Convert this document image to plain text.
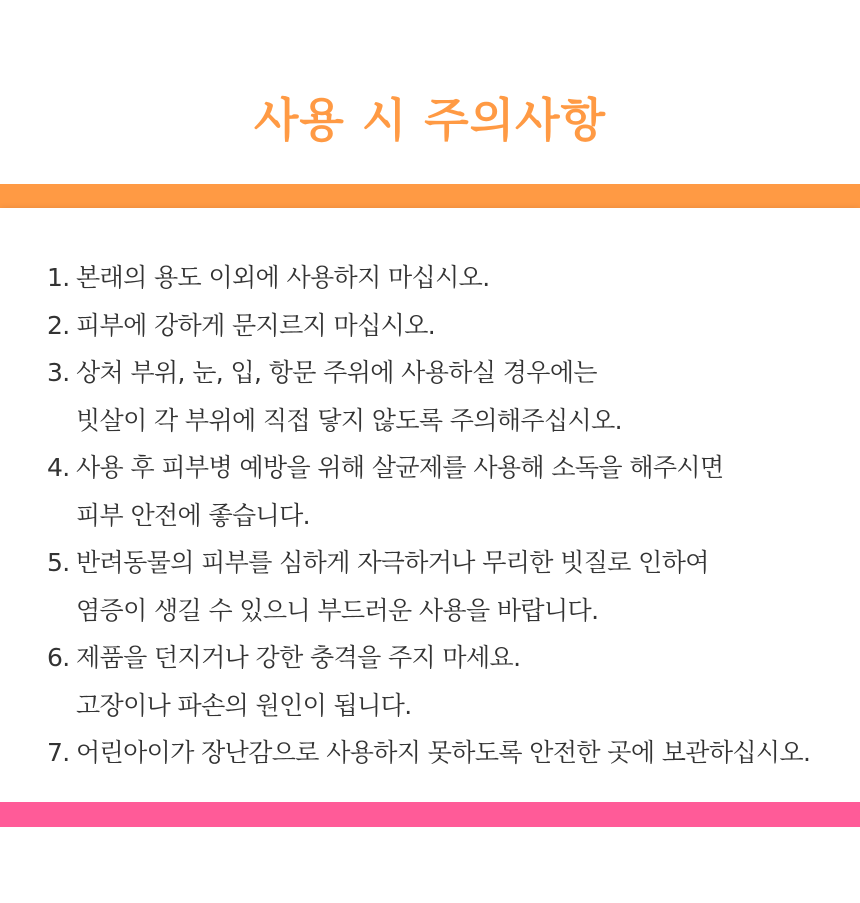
사용 시 주의사항
1. 본래의 용도 이외에 사용하지 마십시오.
2. 피부에 강하게 문지르지 마십시오.
3. 상처 부위, 눈, 입, 항문 주위에 사용하실 경우에는
빗살이 각 부위에 직접 닿지 않도록 주의해주십시오.
4. 사용 후 피부병 예방을 위해 살균제를 사용해 소독을 해주시면
피부 안전에 좋습니다.
5. 반려동물의 피부를 심하게 자극하거나 무리한 빗질로 인하여
염증이 생길 수 있으니 부드러운 사용을 바랍니다.
6. 제품을 던지거나 강한 충격을 주지 마세요.
고장이나 파손의 원인이 됩니다.
7. 어린아이가 장난감으로 사용하지 못하도록 안전한 곳에 보관하십시오.
